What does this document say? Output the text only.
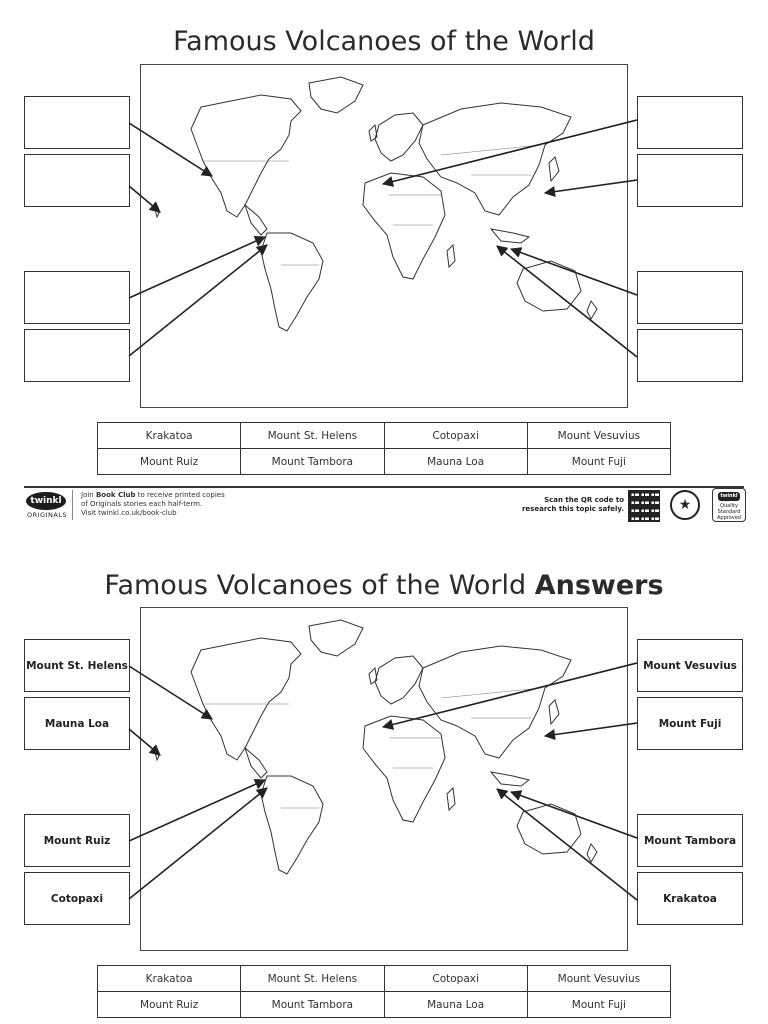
Famous Volcanoes of the World
Krakatoa	Mount St. Helens	Cotopaxi	Mount Vesuvius
Mount Ruiz	Mount Tambora	Mauna Loa	Mount Fuji
twinkl
ORIGINALS
Join Book Club to receive printed copies
of Originals stories each half-term.
Visit twinkl.co.uk/book-club
Scan the QR code to
research this topic safely.	★
twinkl
Quality Standard Approved
Famous Volcanoes of the World Answers
Mount St. Helens
Mauna Loa
Mount Ruiz
Cotopaxi
Mount Vesuvius
Mount Fuji
Mount Tambora
Krakatoa
Krakatoa	Mount St. Helens	Cotopaxi	Mount Vesuvius
Mount Ruiz	Mount Tambora	Mauna Loa	Mount Fuji
